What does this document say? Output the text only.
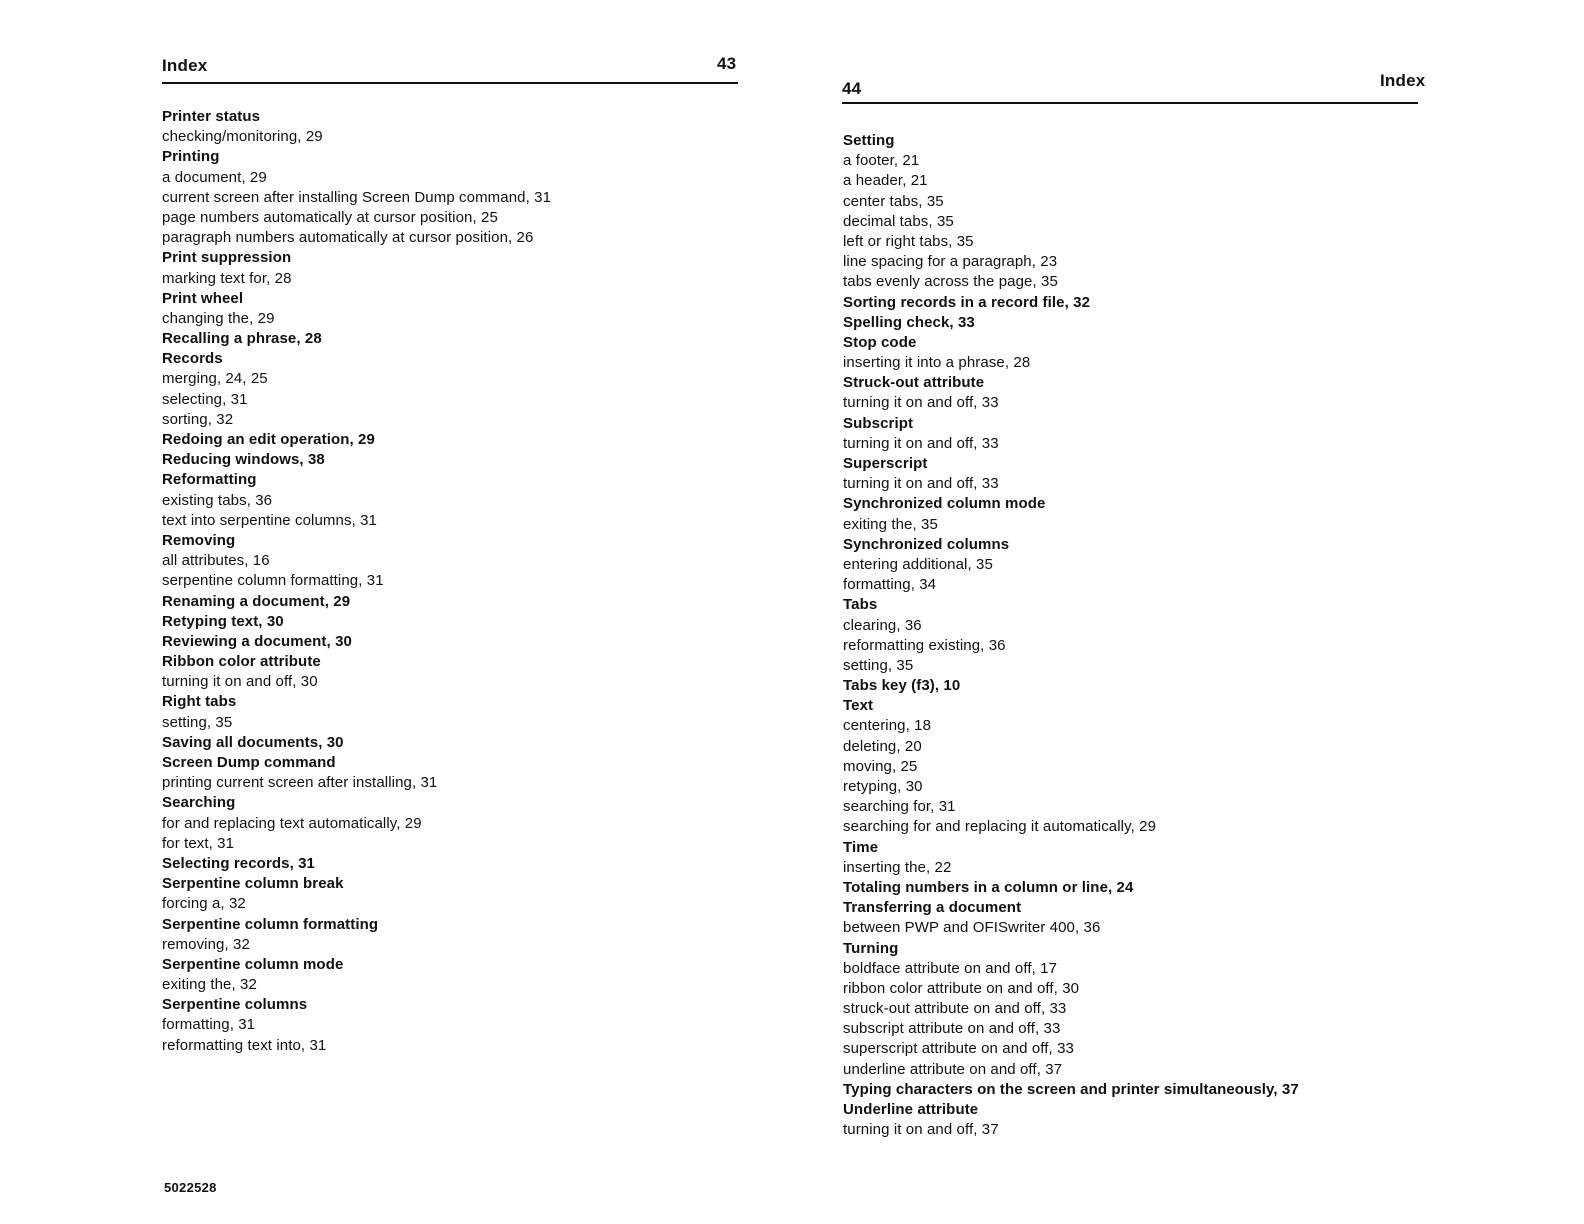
Index	43
Printer status
checking/monitoring, 29
Printing
a document, 29
current screen after installing Screen Dump command, 31
page numbers automatically at cursor position, 25
paragraph numbers automatically at cursor position, 26
Print suppression
marking text for, 28
Print wheel
changing the, 29
Recalling a phrase, 28
Records
merging, 24, 25
selecting, 31
sorting, 32
Redoing an edit operation, 29
Reducing windows, 38
Reformatting
existing tabs, 36
text into serpentine columns, 31
Removing
all attributes, 16
serpentine column formatting, 31
Renaming a document, 29
Retyping text, 30
Reviewing a document, 30
Ribbon color attribute
turning it on and off, 30
Right tabs
setting, 35
Saving all documents, 30
Screen Dump command
printing current screen after installing, 31
Searching
for and replacing text automatically, 29
for text, 31
Selecting records, 31
Serpentine column break
forcing a, 32
Serpentine column formatting
removing, 32
Serpentine column mode
exiting the, 32
Serpentine columns
formatting, 31
reformatting text into, 31
5022528
44	Index
Setting
a footer, 21
a header, 21
center tabs, 35
decimal tabs, 35
left or right tabs, 35
line spacing for a paragraph, 23
tabs evenly across the page, 35
Sorting records in a record file, 32
Spelling check, 33
Stop code
inserting it into a phrase, 28
Struck-out attribute
turning it on and off, 33
Subscript
turning it on and off, 33
Superscript
turning it on and off, 33
Synchronized column mode
exiting the, 35
Synchronized columns
entering additional, 35
formatting, 34
Tabs
clearing, 36
reformatting existing, 36
setting, 35
Tabs key (f3), 10
Text
centering, 18
deleting, 20
moving, 25
retyping, 30
searching for, 31
searching for and replacing it automatically, 29
Time
inserting the, 22
Totaling numbers in a column or line, 24
Transferring a document
between PWP and OFISwriter 400, 36
Turning
boldface attribute on and off, 17
ribbon color attribute on and off, 30
struck-out attribute on and off, 33
subscript attribute on and off, 33
superscript attribute on and off, 33
underline attribute on and off, 37
Typing characters on the screen and printer simultaneously, 37
Underline attribute
turning it on and off, 37
